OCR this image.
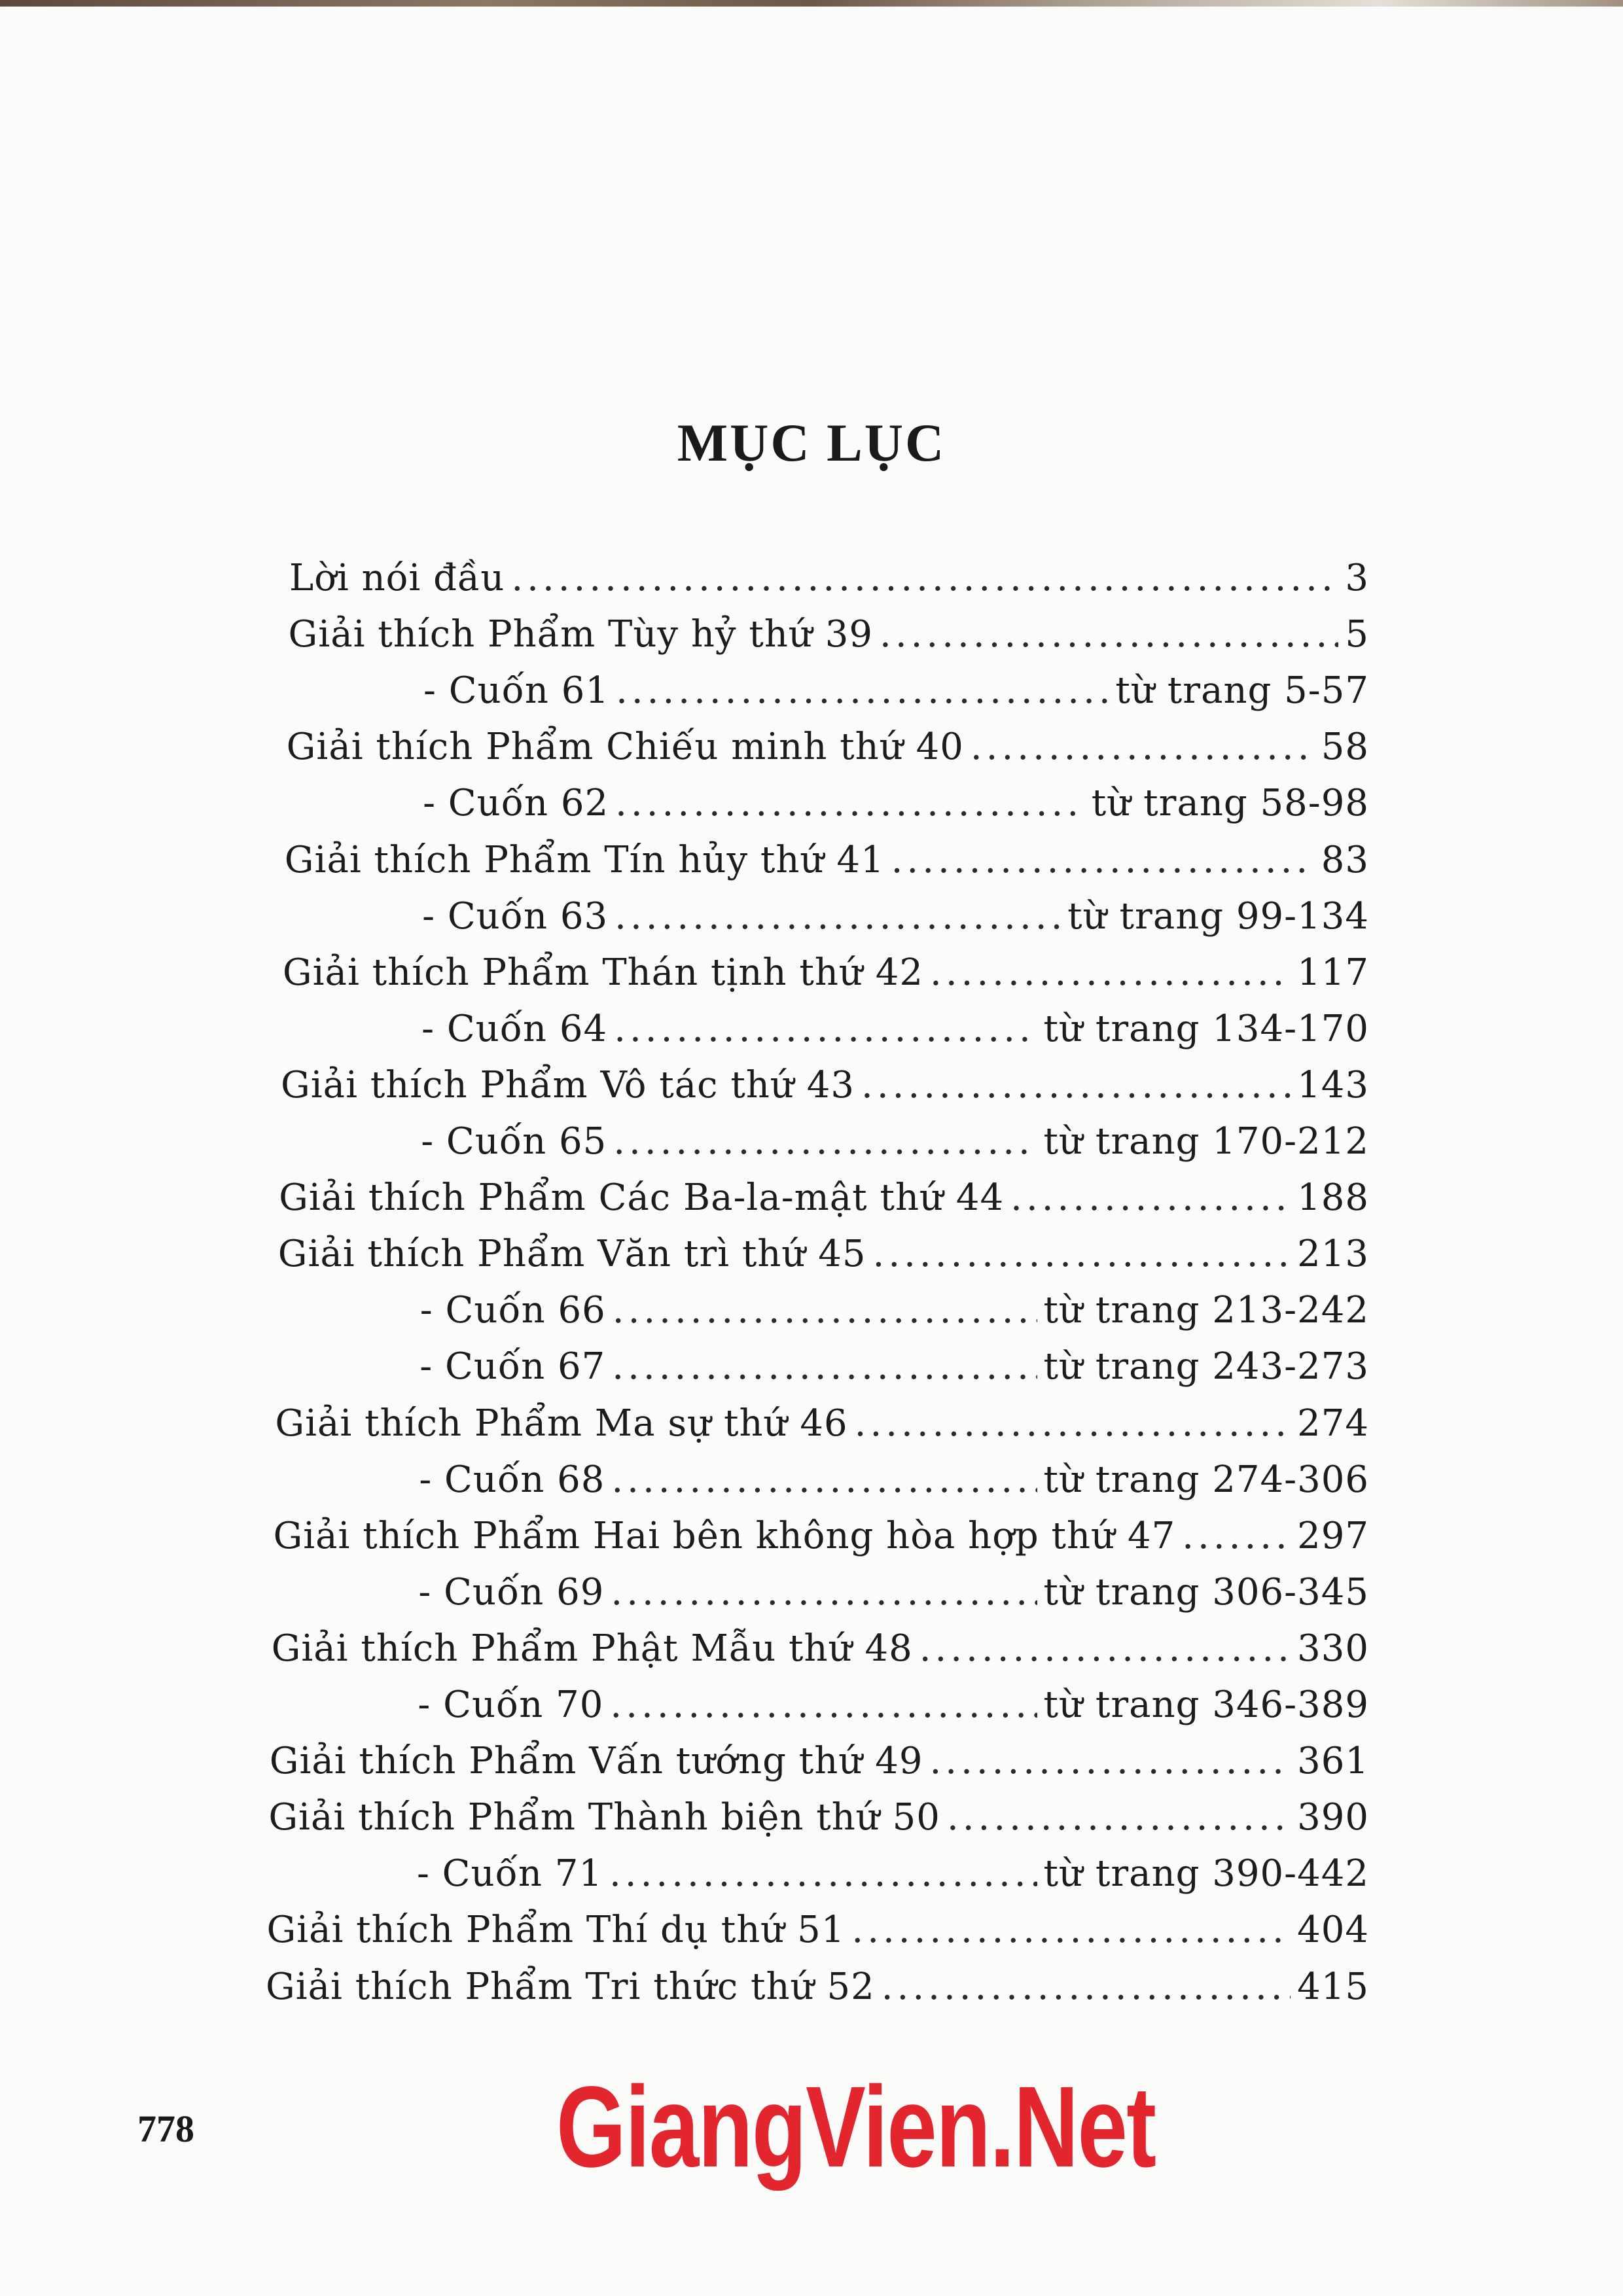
MỤC LỤC
Lời nói đầu .....	3
Giải thích Phẩm Tùy hỷ thứ 39 .....	5
- Cuốn 61 .....	từ trang 5-57
Giải thích Phẩm Chiếu minh thứ 40 .....	58
- Cuốn 62 .....	từ trang 58-98
Giải thích Phẩm Tín hủy thứ 41 .....	83
- Cuốn 63 .....	từ trang 99-134
Giải thích Phẩm Thán tịnh thứ 42 .....	117
- Cuốn 64 .....	từ trang 134-170
Giải thích Phẩm Vô tác thứ 43 .....	143
- Cuốn 65 .....	từ trang 170-212
Giải thích Phẩm Các Ba-la-mật thứ 44 .....	188
Giải thích Phẩm Văn trì thứ 45 .....	213
- Cuốn 66 .....	từ trang 213-242
- Cuốn 67 .....	từ trang 243-273
Giải thích Phẩm Ma sự thứ 46 .....	274
- Cuốn 68 .....	từ trang 274-306
Giải thích Phẩm Hai bên không hòa hợp thứ 47 .....	297
- Cuốn 69 .....	từ trang 306-345
Giải thích Phẩm Phật Mẫu thứ 48 .....	330
- Cuốn 70 .....	từ trang 346-389
Giải thích Phẩm Vấn tướng thứ 49 .....	361
Giải thích Phẩm Thành biện thứ 50 .....	390
- Cuốn 71 .....	từ trang 390-442
Giải thích Phẩm Thí dụ thứ 51 .....	404
Giải thích Phẩm Tri thức thứ 52 .....	415
778	GiangVien.Net
